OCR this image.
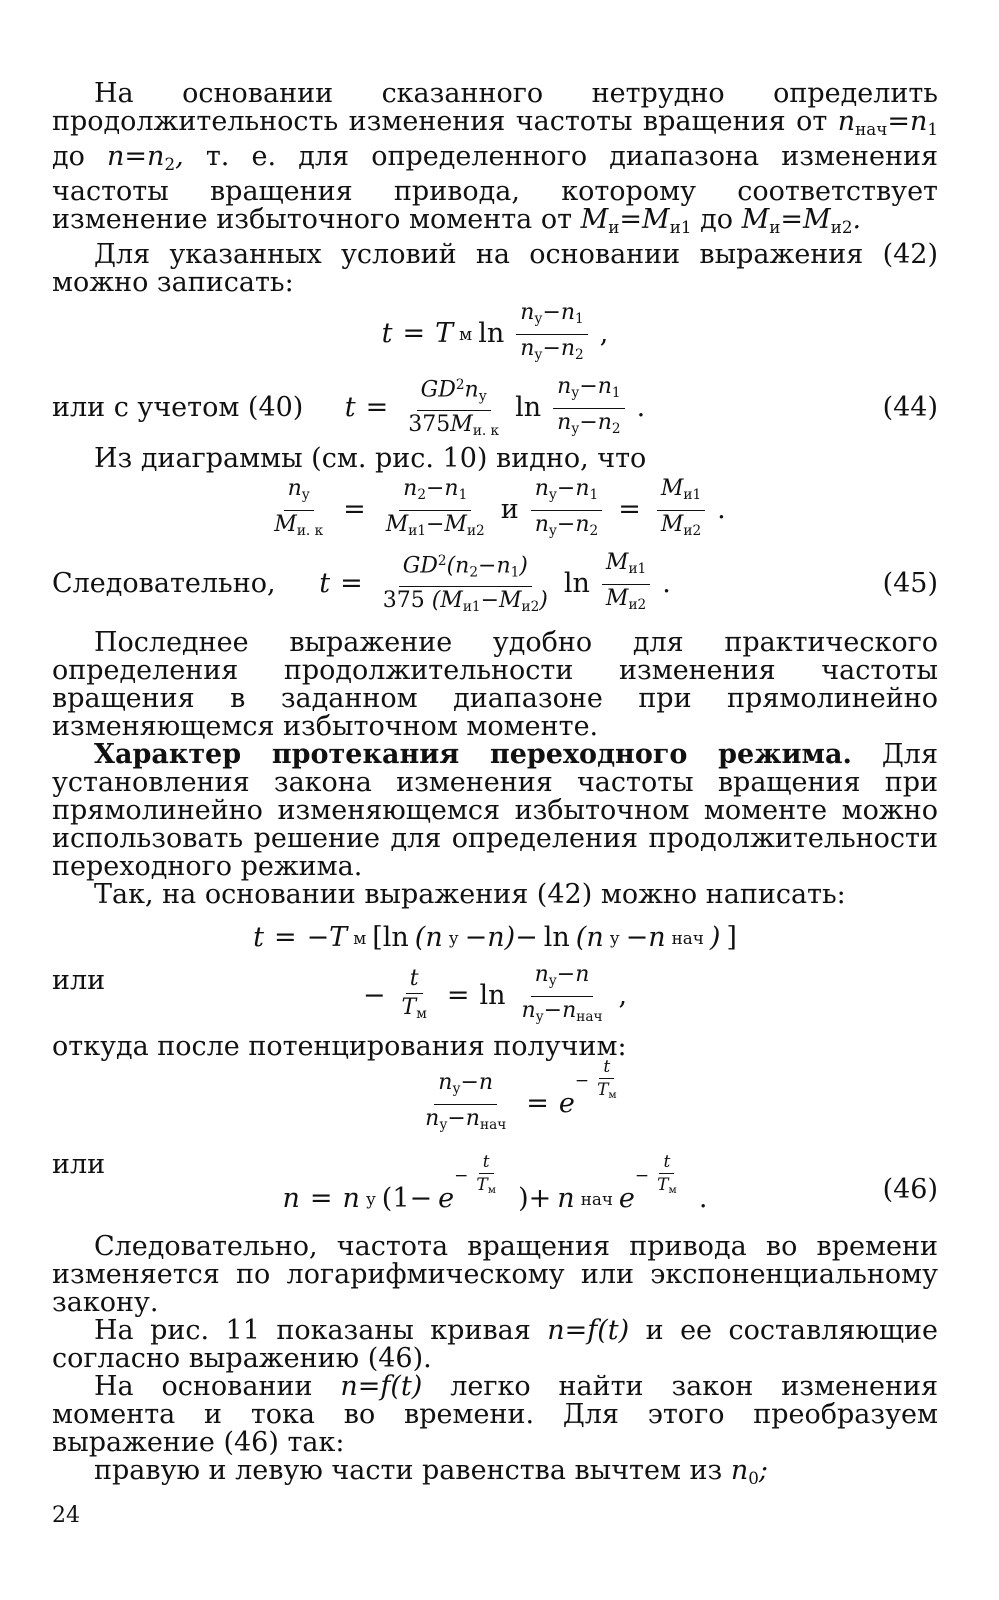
На основании сказанного нетрудно определить продолжительность изменения частоты вращения от $n_{нач}=n_1$ до $n=n_2$, т. е. для определенного диапазона изменения частоты вращения привода, которому соответствует изменение избыточного момента от $M_и=M_{и1}$ до $M_и=M_{и2}$.

Для указанных условий на основании выражения (42) можно записать:

t = T м $\ln \frac{n_у-n_1}{n_у-n_2}$ ,
или с учетом (40) $t = \frac{GD^2n_у}{375M_{и. к}}$ $\ln \frac{n_у-n_1}{n_у-n_2}$ .	(44)

Из диаграммы (см. рис. 10) видно, что

$\frac{n_у}{M_{и. к}} = \frac{n_2-n_1}{M_{и1}-M_{и2}}$ и $\frac{n_у-n_1}{n_у-n_2} = \frac{M_{и1}}{M_{и2}}$ .
Следовательно, $t = \frac{GD^2(n_2-n_1)}{375 (M_{и1}-M_{и2})}$ $\ln \frac{M_{и1}}{M_{и2}}$ .	(45)

Последнее выражение удобно для практического определения продолжительности изменения частоты вращения в заданном диапазоне при прямолинейно изменяющемся избыточном моменте.

Характер протекания переходного режима. Для установления закона изменения частоты вращения при прямолинейно изменяющемся избыточном моменте можно использовать решение для определения продолжительности переходного режима.

Так, на основании выражения (42) можно написать:

t = −T м [ln (n у −n)− ln (n у −n нач ) ]
или	− $\frac{t}{T_м} = \ln \frac{n_у-n}{n_у-n_{нач}}$ ,

откуда после потенцирования получим:

$\frac{n_у-n}{n_у-n_{нач}} = e$
− $\frac{t}{T_м}$
или
n = n у (1− e
− $\frac{t}{T_м}$ )+ n нач e
− $\frac{t}{T_м}$ .	(46)

Следовательно, частота вращения привода во времени изменяется по логарифмическому или экспоненциальному закону.

На рис. 11 показаны кривая n=f(t) и ее составляющие согласно выражению (46).

На основании n=f(t) легко найти закон изменения момента и тока во времени. Для этого преобразуем выражение (46) так:

правую и левую части равенства вычтем из $n_0$;

24
